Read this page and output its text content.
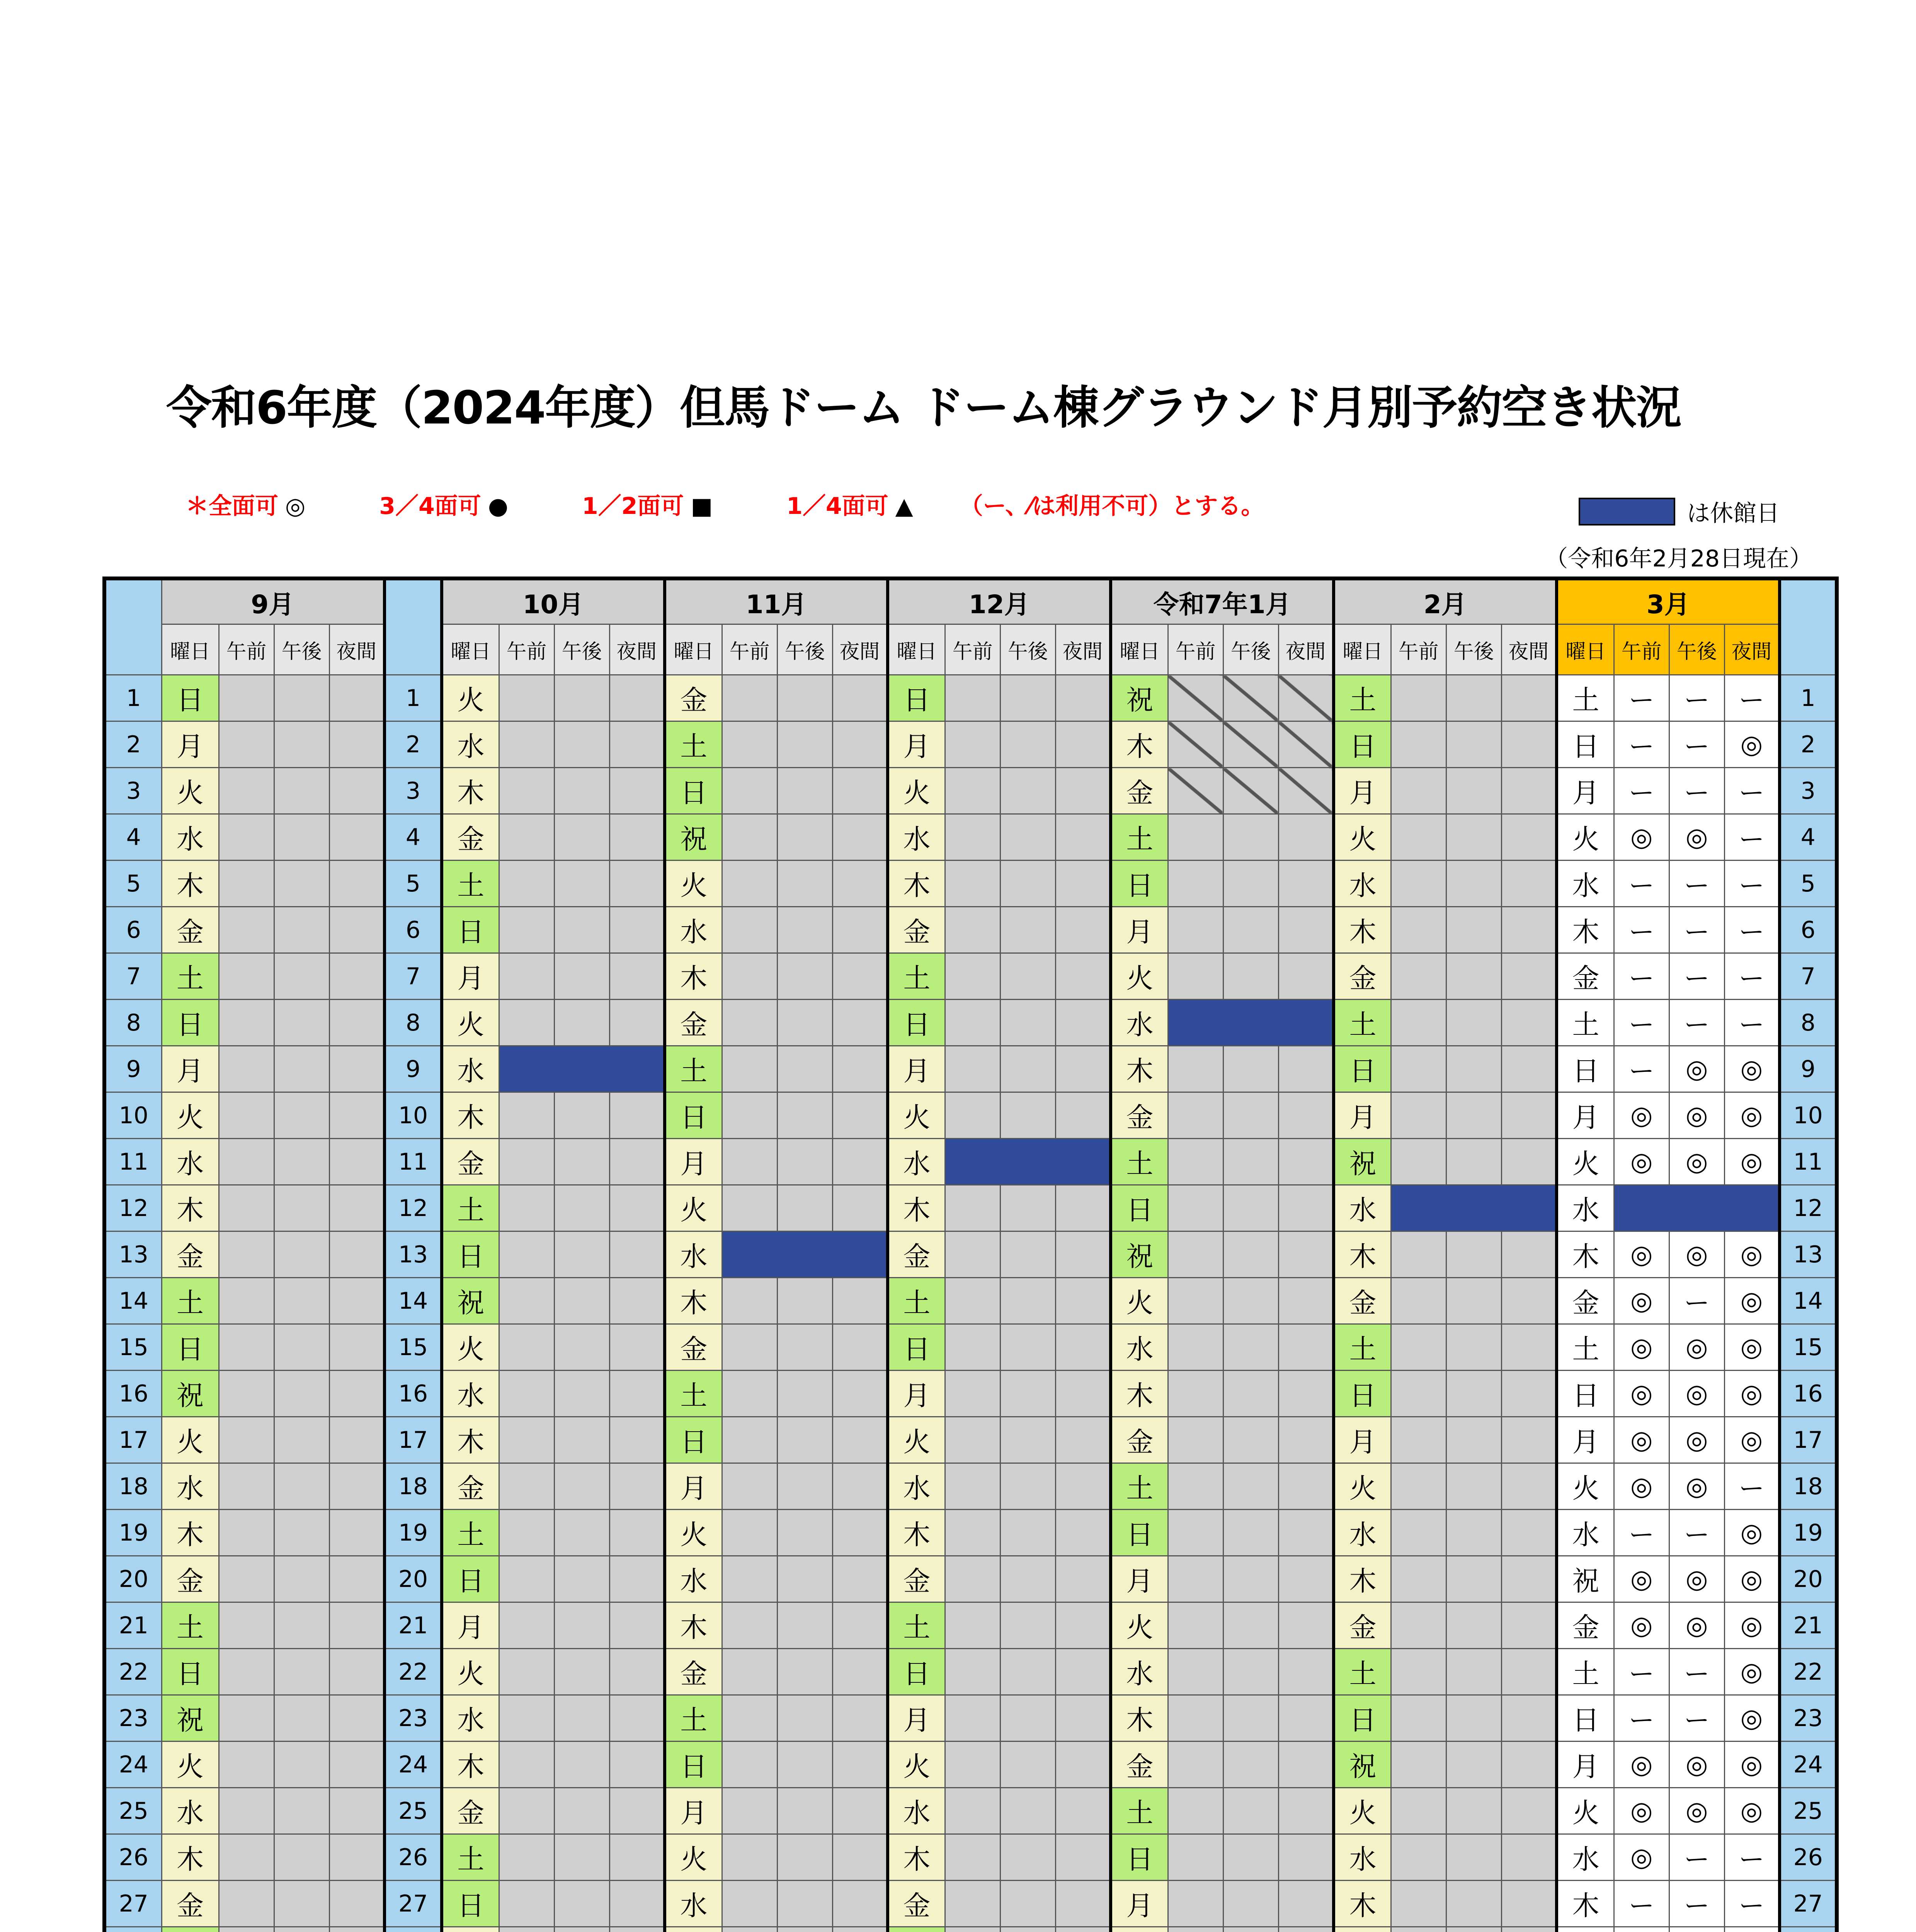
令和6年度（2024年度）但馬ドーム ドーム棟グラウンド月別予約空き状況
＊全面可 ◎	3／4面可 ●	1／2面可 ■	1／4面可 ▲ （ー、⁄は利用不可）とする。	は休館日
（令和6年2月28日現在）
	9月					10月				11月				12月				令和7年1月				2月				3月				
	曜日	午前	午後	夜間		曜日	午前	午後	夜間	曜日	午前	午後	夜間	曜日	午前	午後	夜間	曜日	午前	午後	夜間	曜日	午前	午後	夜間	曜日	午前	午後	夜間	
1	日				1	火				金				日				祝				土				土	ー	ー	ー	1
2	月				2	水				土				月				木				日				日	ー	ー	◎	2
3	火				3	木				日				火				金				月				月	ー	ー	ー	3
4	水				4	金				祝				水				土				火				火	◎	◎	ー	4
5	木				5	土				火				木				日				水				水	ー	ー	ー	5
6	金				6	日				水				金				月				木				木	ー	ー	ー	6
7	土				7	月				木				土				火				金				金	ー	ー	ー	7
8	日				8	火				金				日				水				土				土	ー	ー	ー	8
9	月				9	水				土				月				木				日				日	ー	◎	◎	9
10	火				10	木				日				火				金				月				月	◎	◎	◎	10
11	水				11	金				月				水				土				祝				火	◎	◎	◎	11
12	木				12	土				火				木				日				水				水				12
13	金				13	日				水				金				祝				木				木	◎	◎	◎	13
14	土				14	祝				木				土				火				金				金	◎	ー	◎	14
15	日				15	火				金				日				水				土				土	◎	◎	◎	15
16	祝				16	水				土				月				木				日				日	◎	◎	◎	16
17	火				17	木				日				火				金				月				月	◎	◎	◎	17
18	水				18	金				月				水				土				火				火	◎	◎	ー	18
19	木				19	土				火				木				日				水				水	ー	ー	◎	19
20	金				20	日				水				金				月				木				祝	◎	◎	◎	20
21	土				21	月				木				土				火				金				金	◎	◎	◎	21
22	日				22	火				金				日				水				土				土	ー	ー	◎	22
23	祝				23	水				土				月				木				日				日	ー	ー	◎	23
24	火				24	木				日				火				金				祝				月	◎	◎	◎	24
25	水				25	金				月				水				土				火				火	◎	◎	◎	25
26	木				26	土				火				木				日				水				水	◎	ー	ー	26
27	金				27	日				水				金				月				木				木	ー	ー	ー	27
